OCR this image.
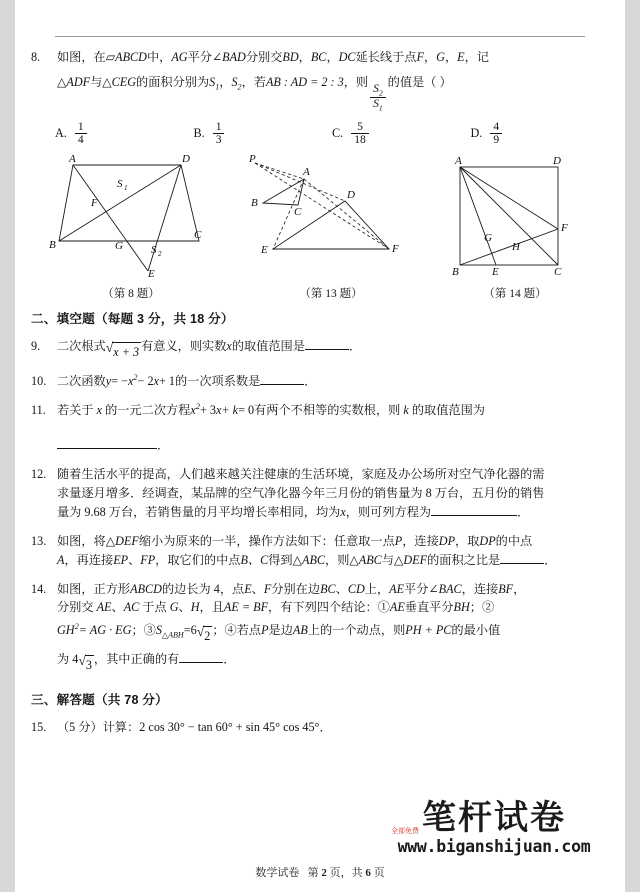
8.	如图，在▱ABCD中，AG平分∠BAD分别交BD，BC，DC延长线于点F，G，E，记
△ADF与△CEG的面积分别为$S_1$，$S_2$，若AB : AD = 2 : 3，则
$\frac{S_2}{S_1}$
的值是（ ）
A. $\frac{1}{4}$	B. $\frac{1}{3}$	C. $\frac{5}{18}$	D. $\frac{4}{9}$
A	D
B
C
E
F
G
S 1
S 2
（第 8 题）
P
A
B
C
D
E	F
（第 13 题）
A	D
B	C
E
F
G
H
（第 14 题）
二、填空题（每题 3 分，共 18 分）
9.	二次根式 √ x + 3 有意义，则实数x的取值范围是	．
10. 二次函数$y= -x^2- 2x+ 1$的一次项系数是	．
11. 若关于 x 的一元二次方程$x^2+ 3x+ k= 0$有两个不相等的实数根，则 k 的取值范围为
．
12. 随着生活水平的提高，人们越来越关注健康的生活环境，家庭及办公场所对空气净化器的需
求量逐月增多．经调查，某品牌的空气净化器今年三月份的销售量为 8 万台，五月份的销售
量为 9.68 万台，若销售量的月平均增长率相同，均为x，则可列方程为	．
13. 如图，将△DEF缩小为原来的一半，操作方法如下：任意取一点P，连接DP，取DP的中点
A，再连接EP、FP，取它们的中点B、C得到△ABC，则△ABC与△DEF的面积之比是	．
14. 如图，正方形ABCD的边长为 4，点E、F分别在边BC、CD上，AE平分∠BAC，连接BF，
分别交 AE、AC 于点 G、H，且AE = BF，有下列四个结论：①AE垂直平分BH；②
$GH^2=$ AG · EG；$③S_{\triangle ABH}=6$ √ 2 ；④若点P是边AB上的一个动点，则PH + PC的最小值
为 4 √ 3 ，其中正确的有	．
三、解答题（共 78 分）
15. （5 分）计算：2 cos 30° − tan 60° + sin 45° cos 45°．
笔杆试卷
www.biganshijuan.com
全部免费
数学试卷 第 2 页，共 6 页
